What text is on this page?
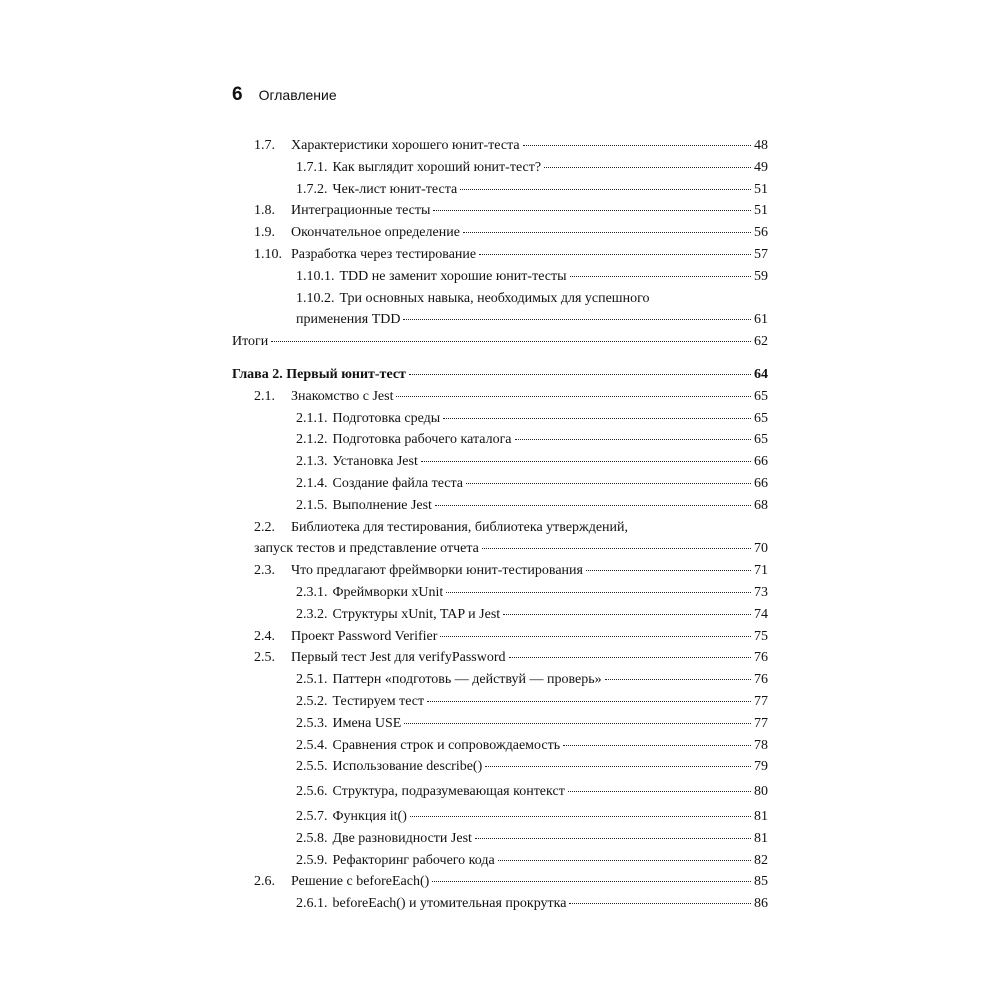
6 Оглавление
1.7.	Характеристики хорошего юнит-теста	48
1.7.1. Как выглядит хороший юнит-тест?	49
1.7.2. Чек-лист юнит-теста	51
1.8.	Интеграционные тесты	51
1.9.	Окончательное определение	56
1.10. Разработка через тестирование	57
1.10.1. TDD не заменит хорошие юнит-тесты	59
1.10.2. Три основных навыка, необходимых для успешного
применения TDD	61
Итоги	62
Глава 2. Первый юнит-тест	64
2.1.	Знакомство с Jest	65
2.1.1. Подготовка среды	65
2.1.2. Подготовка рабочего каталога	65
2.1.3. Установка Jest	66
2.1.4. Создание файла теста	66
2.1.5. Выполнение Jest	68
2.2.	Библиотека для тестирования, библиотека утверждений,
запуск тестов и представление отчета	70
2.3.	Что предлагают фреймворки юнит-тестирования	71
2.3.1. Фреймворки xUnit	73
2.3.2. Структуры xUnit, TAP и Jest	74
2.4.	Проект Password Verifier	75
2.5.	Первый тест Jest для verifyPassword	76
2.5.1. Паттерн «подготовь — действуй — проверь»	76
2.5.2. Тестируем тест	77
2.5.3. Имена USE	77
2.5.4. Сравнения строк и сопровождаемость	78
2.5.5. Использование describe()	79
2.5.6. Структура, подразумевающая контекст	80
2.5.7. Функция it()	81
2.5.8. Две разновидности Jest	81
2.5.9. Рефакторинг рабочего кода	82
2.6.	Решение с beforeEach()	85
2.6.1. beforeEach() и утомительная прокрутка	86
